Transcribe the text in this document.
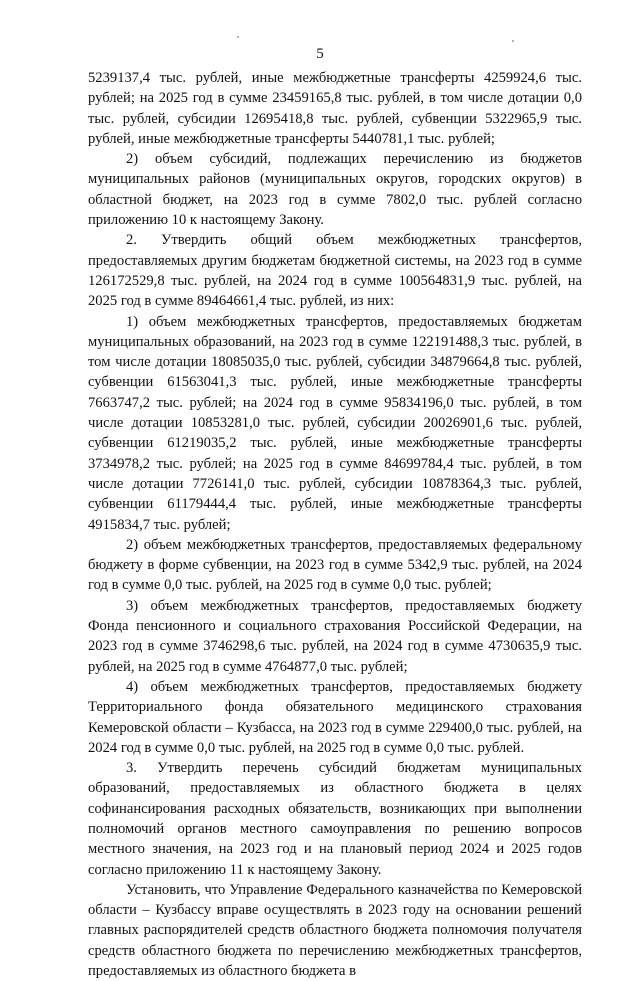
5

5239137,4 тыс. рублей, иные межбюджетные трансферты 4259924,6 тыс. рублей; на 2025 год в сумме 23459165,8 тыс. рублей, в том числе дотации 0,0 тыс. рублей, субсидии 12695418,8 тыс. рублей, субвенции 5322965,9 тыс. рублей, иные межбюджетные трансферты 5440781,1 тыс. рублей;

2) объем субсидий, подлежащих перечислению из бюджетов муниципальных районов (муниципальных округов, городских округов) в областной бюджет, на 2023 год в сумме 7802,0 тыс. рублей согласно приложению 10 к настоящему Закону.

2. Утвердить общий объем межбюджетных трансфертов, предоставляемых другим бюджетам бюджетной системы, на 2023 год в сумме 126172529,8 тыс. рублей, на 2024 год в сумме 100564831,9 тыс. рублей, на 2025 год в сумме 89464661,4 тыс. рублей, из них:

1) объем межбюджетных трансфертов, предоставляемых бюджетам муниципальных образований, на 2023 год в сумме 122191488,3 тыс. рублей, в том числе дотации 18085035,0 тыс. рублей, субсидии 34879664,8 тыс. рублей, субвенции 61563041,3 тыс. рублей, иные межбюджетные трансферты 7663747,2 тыс. рублей; на 2024 год в сумме 95834196,0 тыс. рублей, в том числе дотации 10853281,0 тыс. рублей, субсидии 20026901,6 тыс. рублей, субвенции 61219035,2 тыс. рублей, иные межбюджетные трансферты 3734978,2 тыс. рублей; на 2025 год в сумме 84699784,4 тыс. рублей, в том числе дотации 7726141,0 тыс. рублей, субсидии 10878364,3 тыс. рублей, субвенции 61179444,4 тыс. рублей, иные межбюджетные трансферты 4915834,7 тыс. рублей;

2) объем межбюджетных трансфертов, предоставляемых федеральному бюджету в форме субвенции, на 2023 год в сумме 5342,9 тыс. рублей, на 2024 год в сумме 0,0 тыс. рублей, на 2025 год в сумме 0,0 тыс. рублей;

3) объем межбюджетных трансфертов, предоставляемых бюджету Фонда пенсионного и социального страхования Российской Федерации, на 2023 год в сумме 3746298,6 тыс. рублей, на 2024 год в сумме 4730635,9 тыс. рублей, на 2025 год в сумме 4764877,0 тыс. рублей;

4) объем межбюджетных трансфертов, предоставляемых бюджету Территориального фонда обязательного медицинского страхования Кемеровской области – Кузбасса, на 2023 год в сумме 229400,0 тыс. рублей, на 2024 год в сумме 0,0 тыс. рублей, на 2025 год в сумме 0,0 тыс. рублей.

3. Утвердить перечень субсидий бюджетам муниципальных образований, предоставляемых из областного бюджета в целях софинансирования расходных обязательств, возникающих при выполнении полномочий органов местного самоуправления по решению вопросов местного значения, на 2023 год и на плановый период 2024 и 2025 годов согласно приложению 11 к настоящему Закону.

Установить, что Управление Федерального казначейства по Кемеровской области – Кузбассу вправе осуществлять в 2023 году на основании решений главных распорядителей средств областного бюджета полномочия получателя средств областного бюджета по перечислению межбюджетных трансфертов, предоставляемых из областного бюджета в
